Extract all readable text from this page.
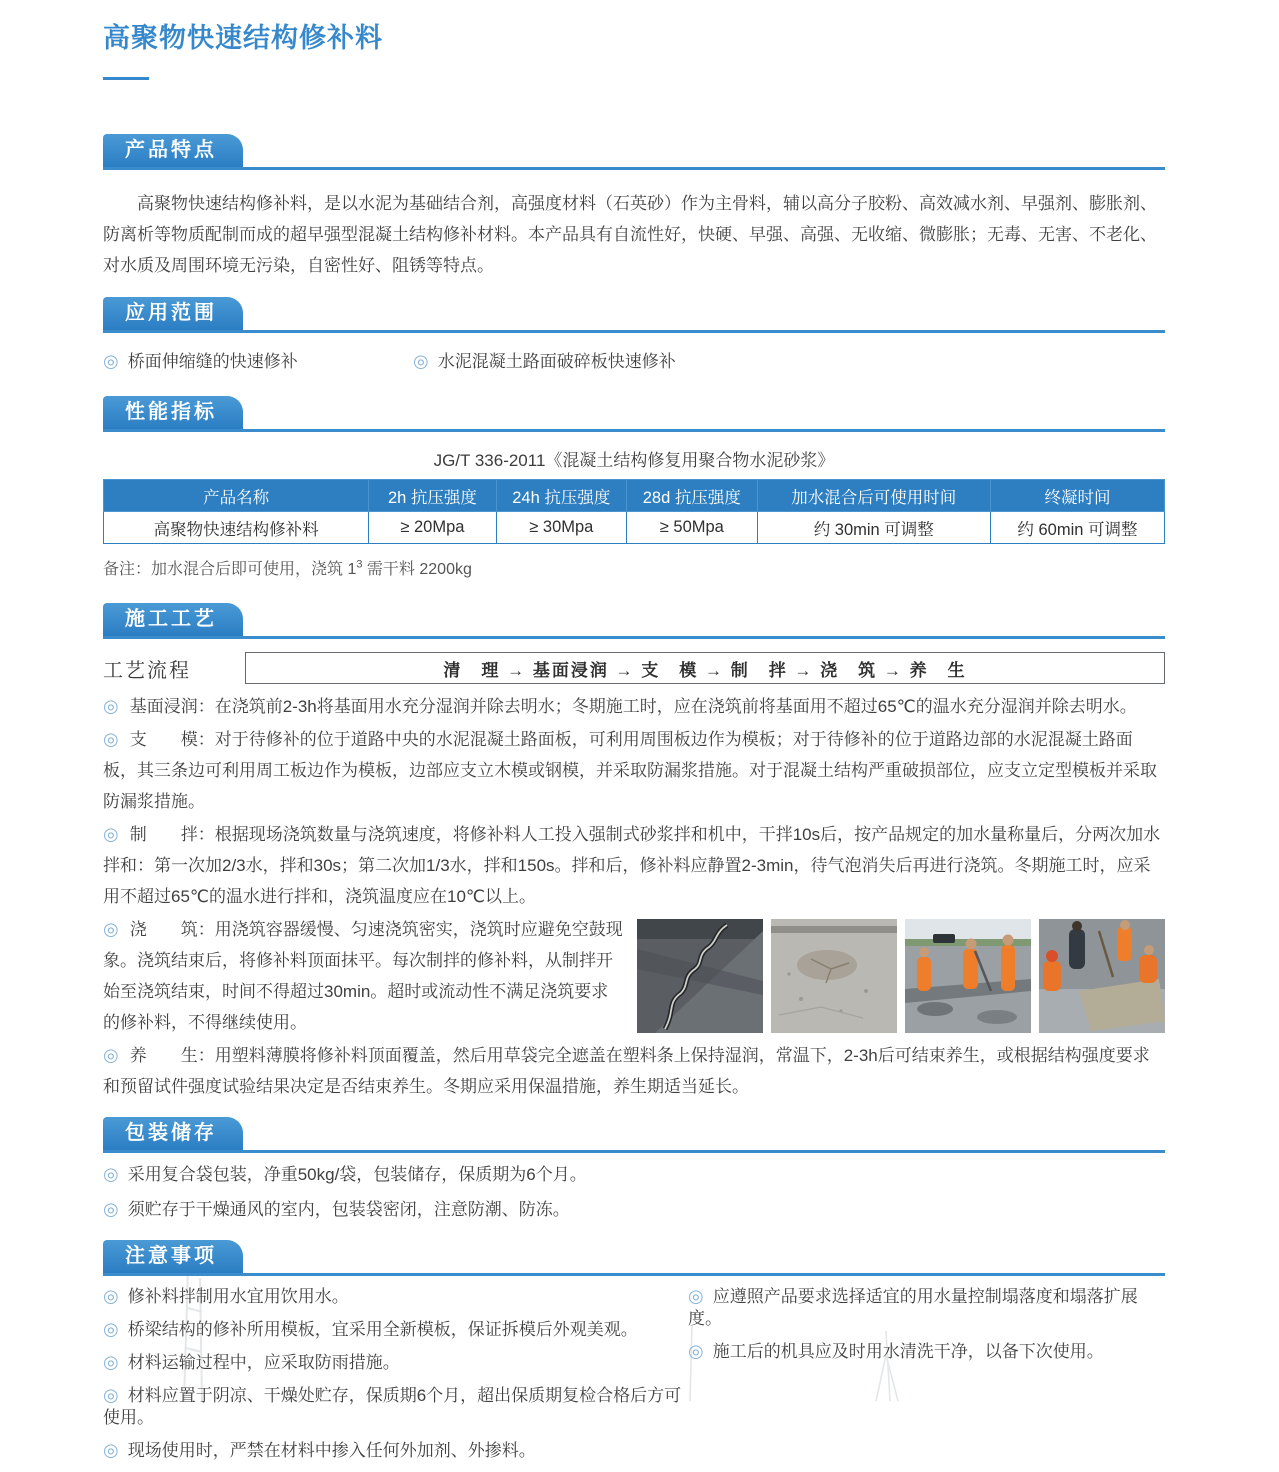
高聚物快速结构修补料
产品特点

高聚物快速结构修补料，是以水泥为基础结合剂，高强度材料（石英砂）作为主骨料，辅以高分子胶粉、高效减水剂、早强剂、膨胀剂、防离析等物质配制而成的超早强型混凝土结构修补材料。本产品具有自流性好，快硬、早强、高强、无收缩、微膨胀；无毒、无害、不老化、对水质及周围环境无污染，自密性好、阻锈等特点。

应用范围
◎ 桥面伸缩缝的快速修补 ◎	水泥混凝土路面破碎板快速修补
性能指标

JG/T 336-2011《混凝土结构修复用聚合物水泥砂浆》

产品名称	2h 抗压强度	24h 抗压强度	28d 抗压强度	加水混合后可使用时间	终凝时间
高聚物快速结构修补料	≥ 20Mpa	≥ 30Mpa	≥ 50Mpa	约 30min 可调整	约 60min 可调整

备注：加水混合后即可使用，浇筑 $1^3$ 需干料 2200kg

施工工艺
工艺流程	清　理 → 基面浸润 → 支　模 → 制　拌 → 浇　筑 → 养　生
◎ 基面浸润：在浇筑前2-3h将基面用水充分湿润并除去明水；冬期施工时，应在浇筑前将基面用不超过65℃的温水充分湿润并除去明水。
◎ 支　　模：对于待修补的位于道路中央的水泥混凝土路面板，可利用周围板边作为模板；对于待修补的位于道路边部的水泥混凝土路面板，其三条边可利用周工板边作为模板，边部应支立木模或钢模，并采取防漏浆措施。对于混凝土结构严重破损部位，应支立定型模板并采取防漏浆措施。
◎ 制　　拌：根据现场浇筑数量与浇筑速度，将修补料人工投入强制式砂浆拌和机中，干拌10s后，按产品规定的加水量称量后，分两次加水拌和：第一次加2/3水，拌和30s；第二次加1/3水，拌和150s。拌和后，修补料应静置2-3min，待气泡消失后再进行浇筑。冬期施工时，应采用不超过65℃的温水进行拌和，浇筑温度应在10℃以上。
◎ 浇　　筑：用浇筑容器缓慢、匀速浇筑密实，浇筑时应避免空鼓现象。浇筑结束后，将修补料顶面抹平。每次制拌的修补料，从制拌开始至浇筑结束，时间不得超过30min。超时或流动性不满足浇筑要求的修补料，不得继续使用。
◎ 养　　生：用塑料薄膜将修补料顶面覆盖，然后用草袋完全遮盖在塑料条上保持湿润，常温下，2-3h后可结束养生，或根据结构强度要求和预留试件强度试验结果决定是否结束养生。冬期应采用保温措施，养生期适当延长。
包装储存
◎ 采用复合袋包装，净重50kg/袋，包装储存，保质期为6个月。
◎ 须贮存于干燥通风的室内，包装袋密闭，注意防潮、防冻。
注意事项
◎ 修补料拌制用水宜用饮用水。
◎ 桥梁结构的修补所用模板，宜采用全新模板，保证拆模后外观美观。
◎ 材料运输过程中，应采取防雨措施。
◎ 材料应置于阴凉、干燥处贮存，保质期6个月，超出保质期复检合格后方可使用。
◎ 现场使用时，严禁在材料中掺入任何外加剂、外掺料。
◎ 应遵照产品要求选择适宜的用水量控制塌落度和塌落扩展度。
◎ 施工后的机具应及时用水清洗干净，以备下次使用。
